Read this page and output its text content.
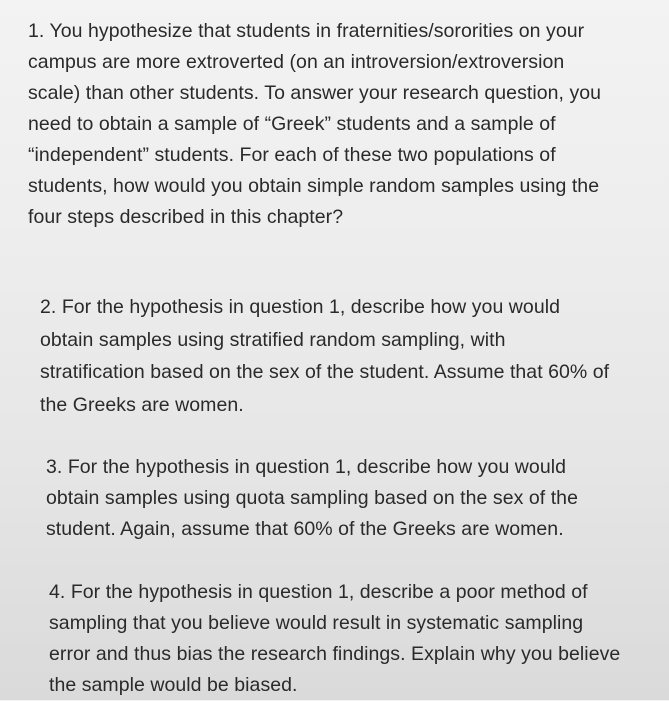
1. You hypothesize that students in fraternities/sororities on your
campus are more extroverted (on an introversion/extroversion
scale) than other students. To answer your research question, you
need to obtain a sample of “Greek” students and a sample of
“independent” students. For each of these two populations of
students, how would you obtain simple random samples using the
four steps described in this chapter?

2. For the hypothesis in question 1, describe how you would
obtain samples using stratified random sampling, with
stratification based on the sex of the student. Assume that 60% of
the Greeks are women.

3. For the hypothesis in question 1, describe how you would
obtain samples using quota sampling based on the sex of the
student. Again, assume that 60% of the Greeks are women.

4. For the hypothesis in question 1, describe a poor method of
sampling that you believe would result in systematic sampling
error and thus bias the research findings. Explain why you believe
the sample would be biased.
